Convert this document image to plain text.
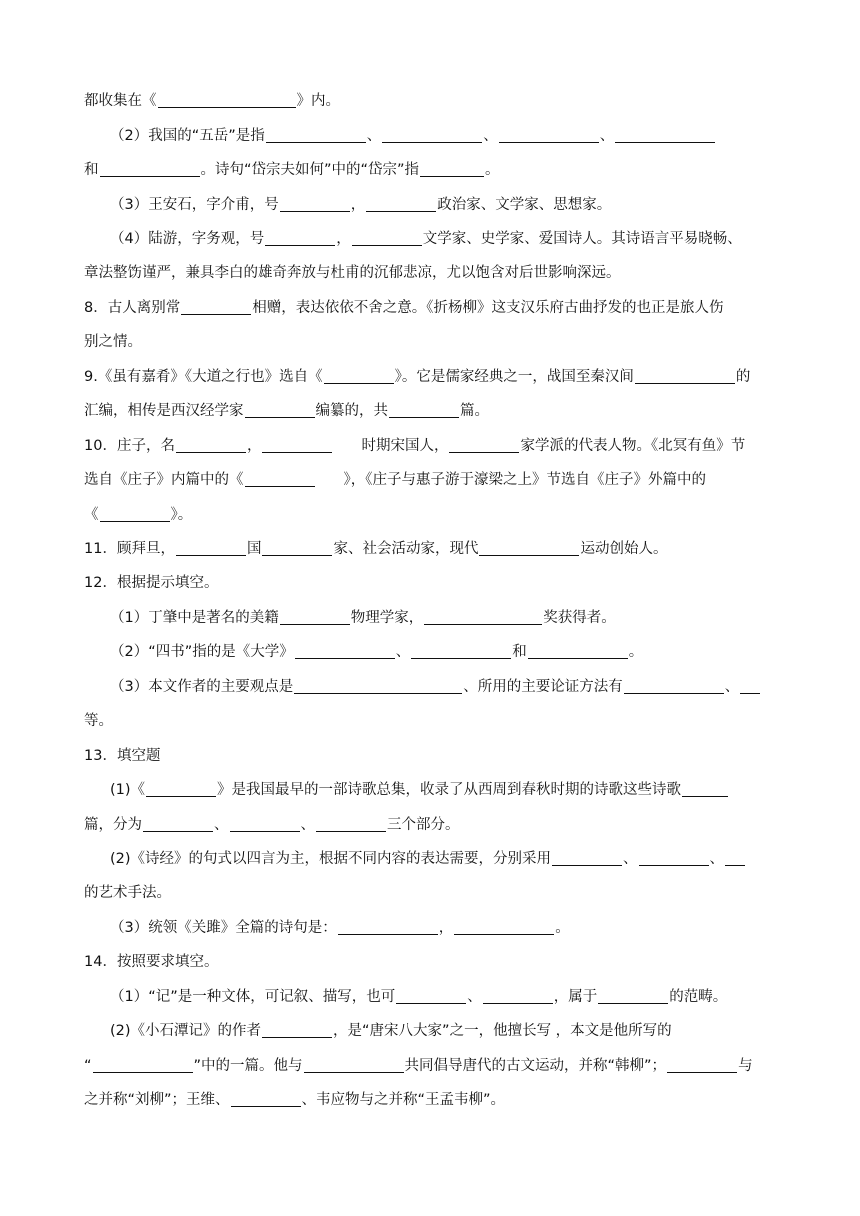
都收集在《	》内。
（2）我国的“五岳”是指	、	、	、
和	。诗句“岱宗夫如何”中的“岱宗”指	。
（3）王安石，字介甫，号	，	政治家、文学家、思想家。
（4）陆游，字务观，号	，	文学家、史学家、爱国诗人。其诗语言平易晓畅、
章法整饬谨严，兼具李白的雄奇奔放与杜甫的沉郁悲凉，尤以饱含对后世影响深远。
8．古人离别常	相赠，表达依依不舍之意。《折杨柳》这支汉乐府古曲抒发的也正是旅人伤
别之情。
9.《虽有嘉肴》《大道之行也》选自《	》。它是儒家经典之一，战国至秦汉间	的
汇编，相传是西汉经学家	编纂的，共	篇。
10．庄子，名	，	时期宋国人，	家学派的代表人物。《北冥有鱼》节
选自《庄子》内篇中的《	》，《庄子与惠子游于濠梁之上》节选自《庄子》外篇中的
《	》。
11．顾拜旦，	国	家、社会活动家，现代	运动创始人。
12．根据提示填空。
（1）丁肇中是著名的美籍	物理学家，	奖获得者。
（2）“四书”指的是《大学》	、	和	。
（3）本文作者的主要观点是	、所用的主要论证方法有	、
等。
13．填空题
(1)《	》是我国最早的一部诗歌总集，收录了从西周到春秋时期的诗歌这些诗歌
篇，分为	、	、	三个部分。
(2)《诗经》的句式以四言为主，根据不同内容的表达需要，分别采用	、	、
的艺术手法。
（3）统领《关雎》全篇的诗句是：	，	。
14．按照要求填空。
（1）“记”是一种文体，可记叙、描写，也可	、	，属于	的范畴。
(2)《小石潭记》的作者	，是“唐宋八大家”之一，他擅长写 ，本文是他所写的
“	”中的一篇。他与	共同倡导唐代的古文运动，并称“韩柳”；	与
之并称“刘柳”；王维、	、韦应物与之并称“王孟韦柳”。
